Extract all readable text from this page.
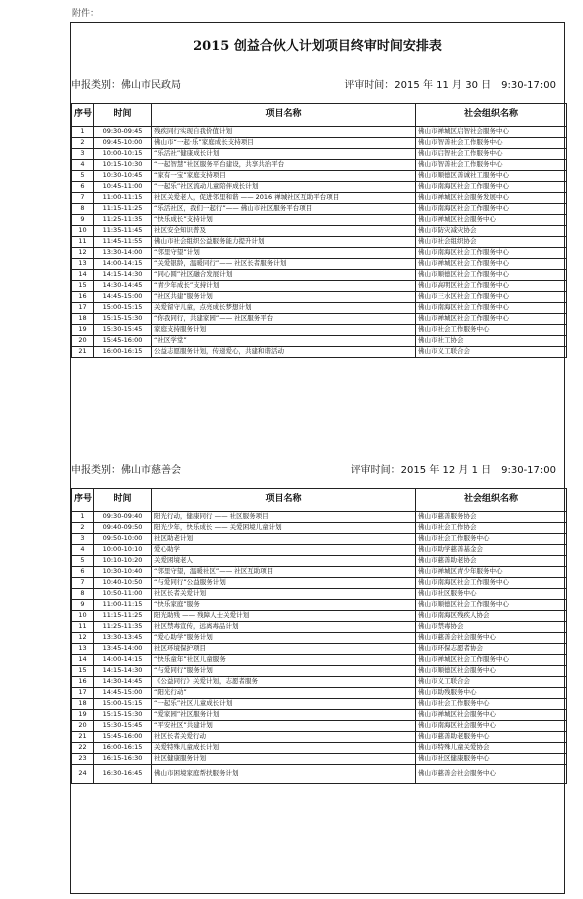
附件：
2015 创益合伙人计划项目终审时间安排表
申报类别：佛山市民政局	评审时间：2015 年 11 月 30 日　9:30-17:00
序号	时间	项目名称	社会组织名称
1	09:30-09:45	残疾同行实现自我价值计划	佛山市禅城区启智社会服务中心
2	09:45-10:00	佛山市“一起·乐”家庭成长支持项目	佛山市智善社会工作服务中心
3	10:00-10:15	“乐活社”健康成长计划	佛山市启智社会工作服务中心
4	10:15-10:30	“一起智慧”社区服务平台建设，共享共治平台	佛山市智善社会工作服务中心
5	10:30-10:45	“家有一宝”家庭支持项目	佛山市顺德区善诚社工服务中心
6	10:45-11:00	“一起乐”社区流动儿童陪伴成长计划	佛山市南海区社会工作服务中心
7	11:00-11:15	社区关爱老人，促进邻里和谐 —— 2016 禅城社区互助平台项目	佛山市禅城区社会服务发展中心
8	11:15-11:25	“乐活社区，我们一起行”—— 佛山市社区服务平台项目	佛山市南海区社会工作服务中心
9	11:25-11:35	“快乐成长”支持计划	佛山市禅城区社会服务中心
10	11:35-11:45	社区安全知识普及	佛山市防灾减灾协会
11	11:45-11:55	佛山市社会组织公益服务能力提升计划	佛山市社会组织协会
12	13:30-14:00	“邻里守望”计划	佛山市南海区社会工作服务中心
13	14:00-14:15	“关爱银龄，温暖同行”—— 社区长者服务计划	佛山市禅城区社会工作服务中心
14	14:15-14:30	“同心圆”社区融合发展计划	佛山市顺德区社会工作服务中心
15	14:30-14:45	“青少年成长”支持计划	佛山市高明区社会工作服务中心
16	14:45-15:00	“社区共建”服务计划	佛山市三水区社会工作服务中心
17	15:00-15:15	关爱留守儿童，点亮成长梦想计划	佛山市南海区社会工作服务中心
18	15:15-15:30	“你我同行，共建家园”—— 社区服务平台	佛山市禅城区社会工作服务中心
19	15:30-15:45	家庭支持服务计划	佛山市社会工作服务中心
20	15:45-16:00	“社区学堂”	佛山市社工协会
21	16:00-16:15	公益志愿服务计划，传递爱心，共建和谐活动	佛山市义工联合会
申报类别：佛山市慈善会	评审时间：2015 年 12 月 1 日　9:30-17:00
序号	时间	项目名称	社会组织名称
1	09:30-09:40	阳光行动，健康同行 —— 社区服务项目	佛山市慈善服务协会
2	09:40-09:50	阳光少年，快乐成长 —— 关爱困境儿童计划	佛山市社会工作协会
3	09:50-10:00	社区助老计划	佛山市社会工作服务中心
4	10:00-10:10	爱心助学	佛山市助学慈善基金会
5	10:10-10:20	关爱困境老人	佛山市慈善助老协会
6	10:30-10:40	“邻里守望，温暖社区”—— 社区互助项目	佛山市禅城区青少年服务中心
7	10:40-10:50	“与爱同行”公益服务计划	佛山市南海区社会工作服务中心
8	10:50-11:00	社区长者关爱计划	佛山市社区服务中心
9	11:00-11:15	“快乐家庭”服务	佛山市顺德区社会工作服务中心
10	11:15-11:25	阳光助残 —— 残障人士关爱计划	佛山市南海区残疾人协会
11	11:25-11:35	社区禁毒宣传，远离毒品计划	佛山市禁毒协会
12	13:30-13:45	“爱心助学”服务计划	佛山市慈善会社会服务中心
13	13:45-14:00	社区环境保护项目	佛山市环保志愿者协会
14	14:00-14:15	“快乐童年”社区儿童服务	佛山市禅城区社会工作服务中心
15	14:15-14:30	“与爱同行”服务计划	佛山市顺德区社会服务中心
16	14:30-14:45	《公益同行》关爱计划，志愿者服务	佛山市义工联合会
17	14:45-15:00	“阳光行动”	佛山市助残服务中心
18	15:00-15:15	“一起乐”社区儿童成长计划	佛山市社会工作服务中心
19	15:15-15:30	“爱家园”社区服务计划	佛山市禅城区社会服务中心
20	15:30-15:45	“平安社区”共建计划	佛山市南海区社会服务中心
21	15:45-16:00	社区长者关爱行动	佛山市慈善助老服务中心
22	16:00-16:15	关爱特殊儿童成长计划	佛山市特殊儿童关爱协会
23	16:15-16:30	社区健康服务计划	佛山市社区健康服务中心
24	16:30-16:45	佛山市困境家庭帮扶服务计划	佛山市慈善会社会服务中心
